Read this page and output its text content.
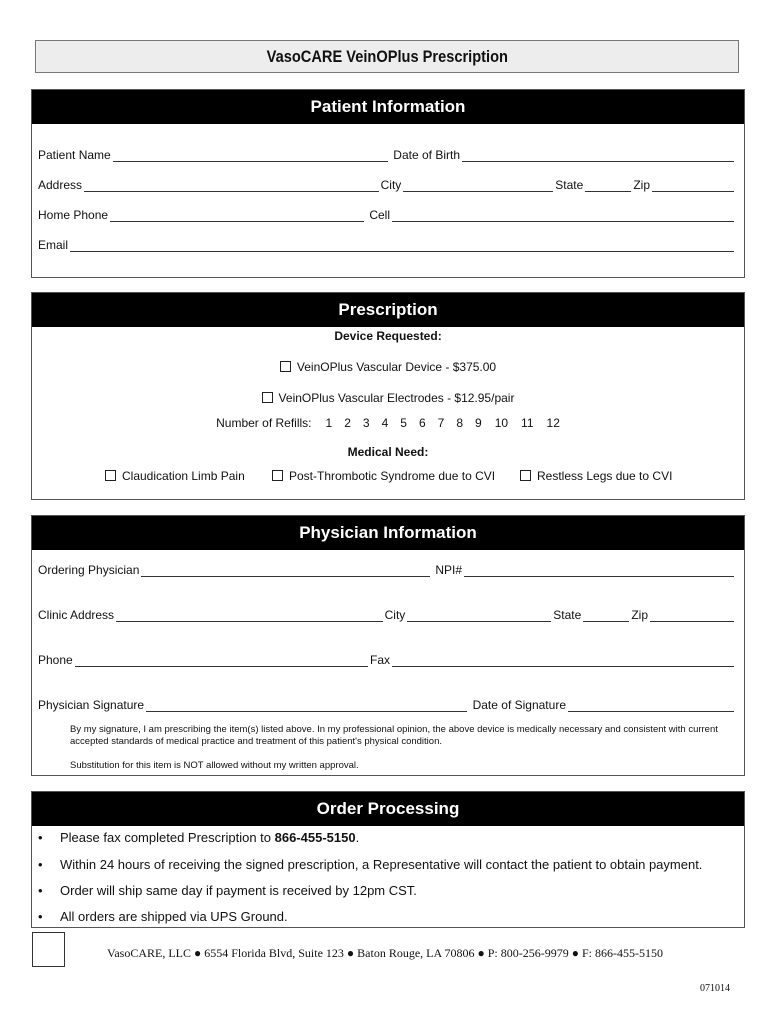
VasoCARE VeinOPlus Prescription
Patient Information
Patient Name	Date of Birth
Address	City	State	Zip
Home Phone	Cell
Email
Prescription
Device Requested:
VeinOPlus Vascular Device - $375.00
VeinOPlus Vascular Electrodes - $12.95/pair
Number of Refills: 1 2 3 4 5 6 7 8 9 10 11 12
Medical Need:
Claudication Limb Pain	Post-Thrombotic Syndrome due to CVI	Restless Legs due to CVI
Physician Information
By my signature, I am prescribing the item(s) listed above. In my professional opinion, the above device is medically necessary and consistent with current accepted standards of medical practice and treatment of this patient's physical condition.
Substitution for this item is NOT allowed without my written approval.
Ordering Physician	NPI#
Clinic Address	City	State	Zip
Phone	Fax
Physician Signature	Date of Signature
Order Processing
• Please fax completed Prescription to 866-455-5150.
• Within 24 hours of receiving the signed prescription, a Representative will contact the patient to obtain payment.
• Order will ship same day if payment is received by 12pm CST.
• All orders are shipped via UPS Ground.
VasoCARE, LLC ● 6554 Florida Blvd, Suite 123 ● Baton Rouge, LA 70806 ● P: 800-256-9979 ● F: 866-455-5150
071014
